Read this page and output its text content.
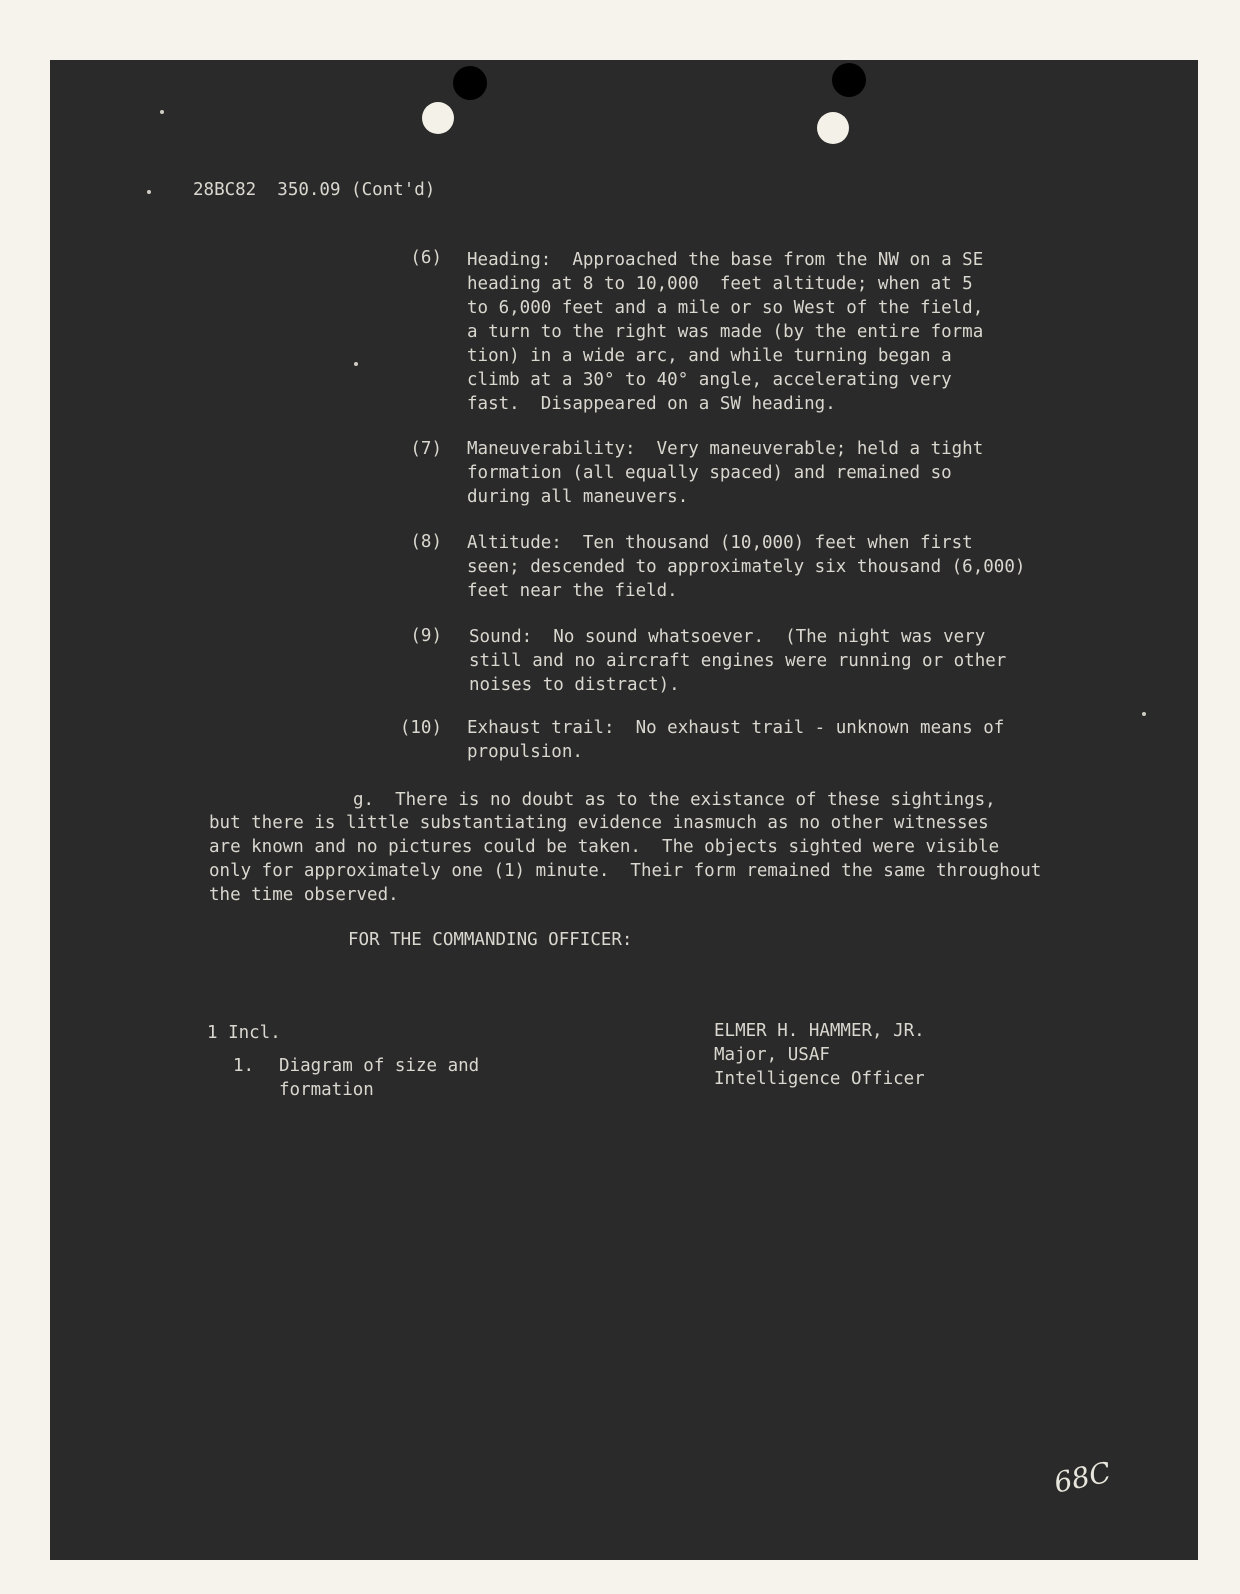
28BC82  350.09 (Cont'd)
(6) Heading:  Approached the base from the NW on a SE
heading at 8 to 10,000  feet altitude; when at 5
to 6,000 feet and a mile or so West of the field,
a turn to the right was made (by the entire forma
tion) in a wide arc, and while turning began a
climb at a 30° to 40° angle, accelerating very
fast.  Disappeared on a SW heading.
(7) Maneuverability:  Very maneuverable; held a tight
formation (all equally spaced) and remained so
during all maneuvers.
(8) Altitude:  Ten thousand (10,000) feet when first
seen; descended to approximately six thousand (6,000)
feet near the field.
(9) Sound:  No sound whatsoever.  (The night was very
still and no aircraft engines were running or other
noises to distract).
(10) Exhaust trail:  No exhaust trail - unknown means of
propulsion.
g.  There is no doubt as to the existance of these sightings,
but there is little substantiating evidence inasmuch as no other witnesses
are known and no pictures could be taken.  The objects sighted were visible
only for approximately one (1) minute.  Their form remained the same throughout
the time observed.
FOR THE COMMANDING OFFICER:
1 Incl.
1. Diagram of size and
formation
ELMER H. HAMMER, JR.
Major, USAF
Intelligence Officer
68C
